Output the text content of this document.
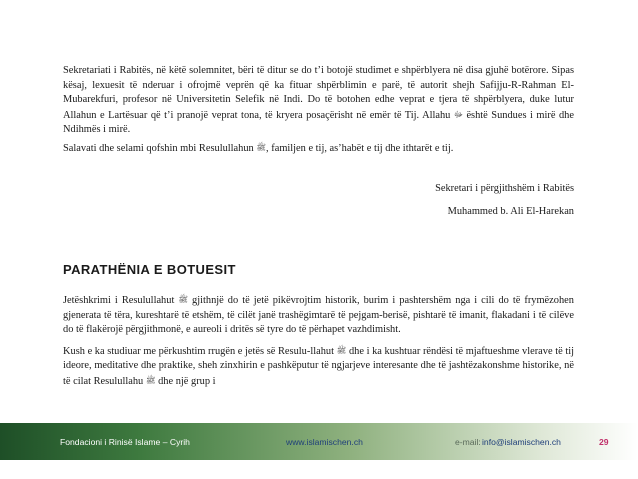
Sekretariati i Rabitës, në këtë solemnitet, bëri të ditur se do t’i botojë studimet e shpërblyera në disa gjuhë botërore. Sipas kësaj, lexuesit të nderuar i ofrojmë veprën që ka fituar shpërblimin e parë, të autorit shejh Safijju-R-Rahman El-Mubarekfuri, profesor në Universitetin Selefik në Indi. Do të botohen edhe veprat e tjera të shpërblyera, duke lutur Allahun e Lartësuar që t’i pranojë veprat tona, të kryera posaçërisht në emër të Tij. Allahu ﷻ është Sundues i mirë dhe Ndihmës i mirë.

Salavati dhe selami qofshin mbi Resulullahun ﷺ, familjen e tij, as’habët e tij dhe ithtarët e tij.

Sekretari i përgjithshëm i Rabitës
Muhammed b. Ali El-Harekan
PARATHËNIA E BOTUESIT

Jetëshkrimi i Resulullahut ﷺ gjithnjë do të jetë pikëvrojtim historik, burim i pashtershëm nga i cili do të frymëzohen gjenerata të tëra, kureshtarë të etshëm, të cilët janë trashëgimtarë të pejgam-berisë, pishtarë të imanit, flakadani i të cilëve do të flakërojë përgjithmonë, e aureoli i dritës së tyre do të përhapet vazhdimisht.

Kush e ka studiuar me përkushtim rrugën e jetës së Resulu-llahut ﷺ dhe i ka kushtuar rëndësi të mjaftueshme vlerave të tij ideore, meditative dhe praktike, sheh zinxhirin e pashkëputur të ngjarjeve interesante dhe të jashtëzakonshme historike, në të cilat Resulullahu ﷺ dhe një grup i

Fondacioni i Rinisë Islame – Cyrih	www.islamischen.ch	e-mail: info@islamischen.ch	29
